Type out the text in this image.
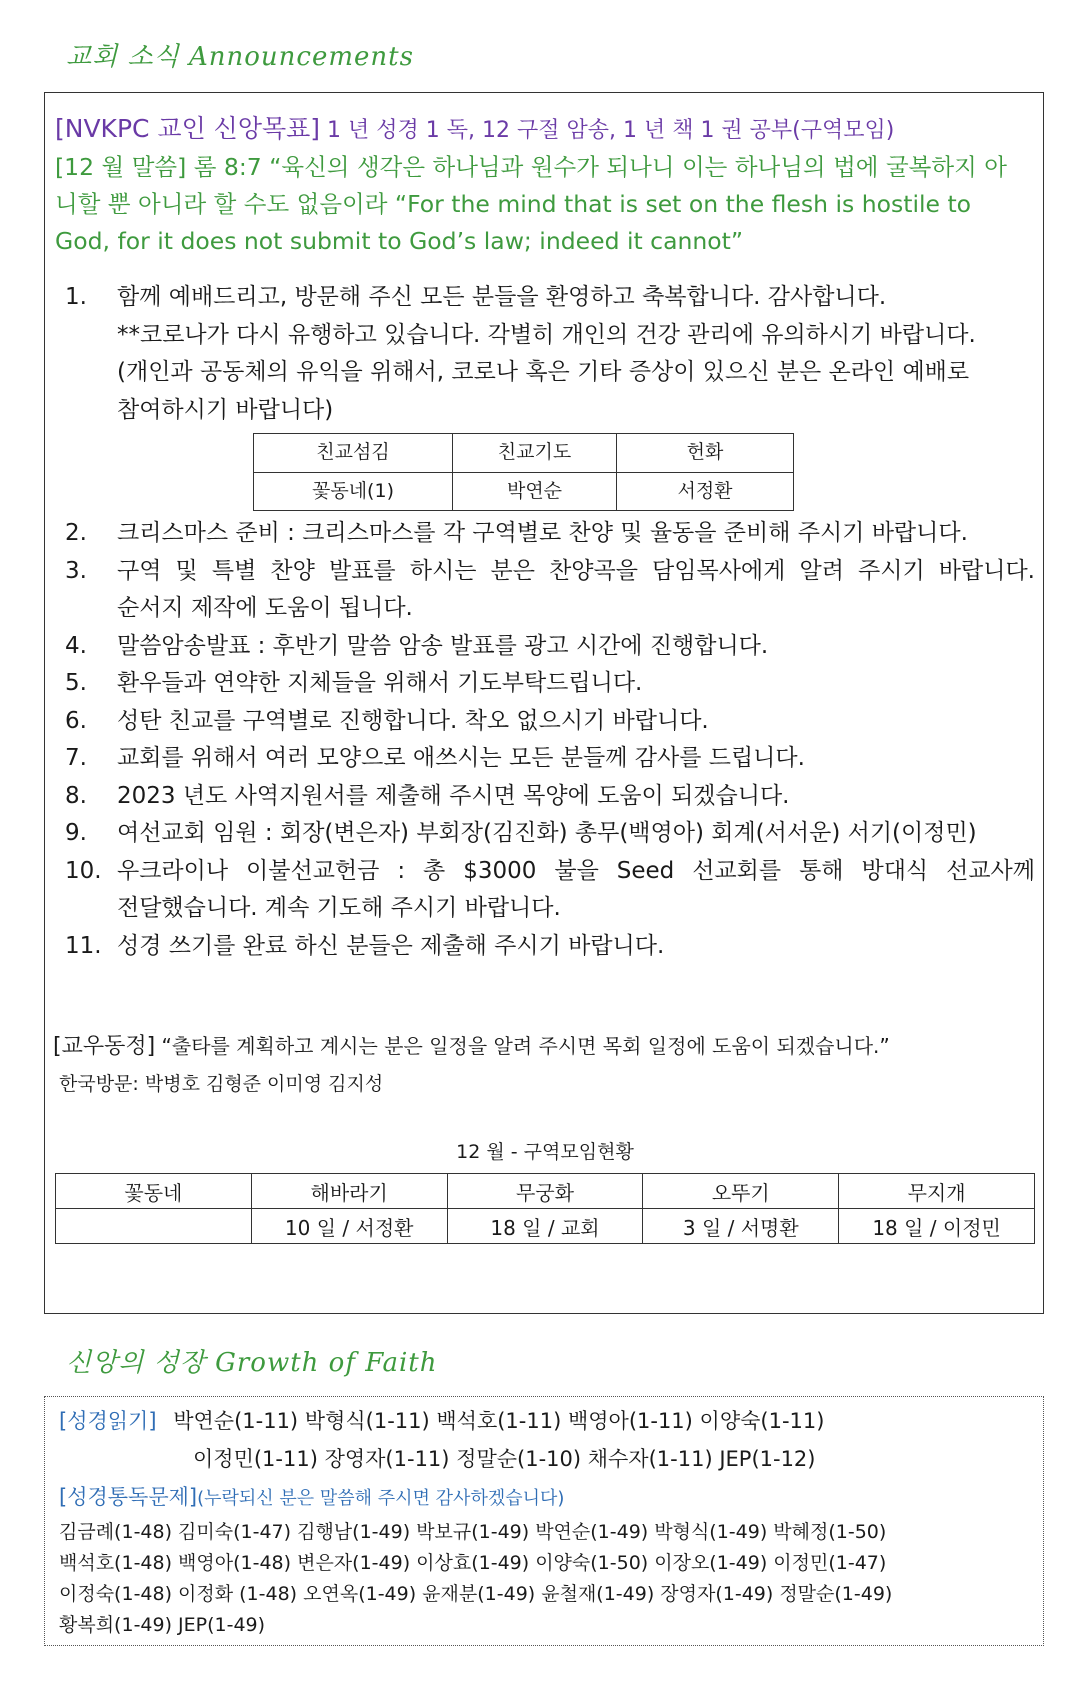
교회 소식 Announcements
[NVKPC 교인 신앙목표] 1 년 성경 1 독, 12 구절 암송, 1 년 책 1 권 공부(구역모임)
[12 월 말씀] 롬 8:7 “육신의 생각은 하나님과 원수가 되나니 이는 하나님의 법에 굴복하지 아니할 뿐 아니라 할 수도 없음이라 “For the mind that is set on the flesh is hostile to God, for it does not submit to God’s law; indeed it cannot”
1. 함께 예배드리고, 방문해 주신 모든 분들을 환영하고 축복합니다. 감사합니다.
**코로나가 다시 유행하고 있습니다. 각별히 개인의 건강 관리에 유의하시기 바랍니다.
(개인과 공동체의 유익을 위해서, 코로나 혹은 기타 증상이 있으신 분은 온라인 예배로
참여하시기 바랍니다)
친교섬김	친교기도	헌화
꽃동네(1)	박연순	서정환
2. 크리스마스 준비 : 크리스마스를 각 구역별로 찬양 및 율동을 준비해 주시기 바랍니다.
3. 구역 및 특별 찬양 발표를 하시는 분은 찬양곡을 담임목사에게 알려 주시기 바랍니다.
순서지 제작에 도움이 됩니다.
4. 말씀암송발표 : 후반기 말씀 암송 발표를 광고 시간에 진행합니다.
5. 환우들과 연약한 지체들을 위해서 기도부탁드립니다.
6. 성탄 친교를 구역별로 진행합니다. 착오 없으시기 바랍니다.
7. 교회를 위해서 여러 모양으로 애쓰시는 모든 분들께 감사를 드립니다.
8. 2023 년도 사역지원서를 제출해 주시면 목양에 도움이 되겠습니다.
9. 여선교회 임원 : 회장(변은자) 부회장(김진화) 총무(백영아) 회계(서서운) 서기(이정민)
10. 우크라이나 이불선교헌금 : 총 $3000 불을 Seed 선교회를 통해 방대식 선교사께
전달했습니다. 계속 기도해 주시기 바랍니다.
11. 성경 쓰기를 완료 하신 분들은 제출해 주시기 바랍니다.
[교우동정] “출타를 계획하고 계시는 분은 일정을 알려 주시면 목회 일정에 도움이 되겠습니다.”
한국방문: 박병호 김형준 이미영 김지성
12 월 - 구역모임현황
꽃동네	해바라기	무궁화	오뚜기	무지개
	10 일 / 서정환	18 일 / 교회	3 일 / 서명환	18 일 / 이정민
신앙의 성장 Growth of Faith
[성경읽기] 박연순(1-11) 박형식(1-11) 백석호(1-11) 백영아(1-11) 이양숙(1-11)
이정민(1-11) 장영자(1-11) 정말순(1-10) 채수자(1-11) JEP(1-12)
[성경통독문제](누락되신 분은 말씀해 주시면 감사하겠습니다)
김금례(1-48) 김미숙(1-47) 김행남(1-49) 박보규(1-49) 박연순(1-49) 박형식(1-49) 박혜정(1-50)
백석호(1-48) 백영아(1-48) 변은자(1-49) 이상효(1-49) 이양숙(1-50) 이장오(1-49) 이정민(1-47)
이정숙(1-48) 이정화 (1-48) 오연옥(1-49) 윤재분(1-49) 윤철재(1-49) 장영자(1-49) 정말순(1-49)
황복희(1-49) JEP(1-49)
